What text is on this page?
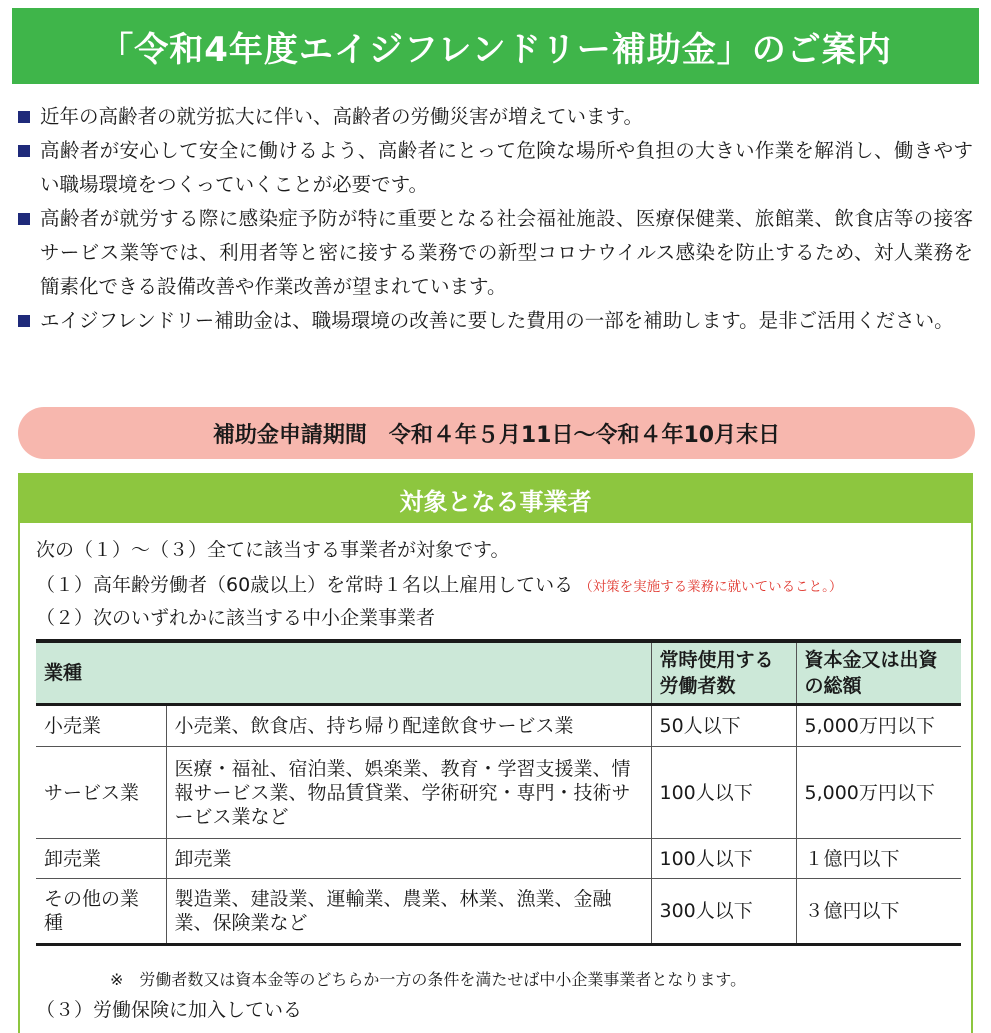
「令和4年度エイジフレンドリー補助金」のご案内
近年の高齢者の就労拡大に伴い、高齢者の労働災害が増えています。
高齢者が安心して安全に働けるよう、高齢者にとって危険な場所や負担の大きい作業を解消し、働きやすい職場環境をつくっていくことが必要です。
高齢者が就労する際に感染症予防が特に重要となる社会福祉施設、医療保健業、旅館業、飲食店等の接客サービス業等では、利用者等と密に接する業務での新型コロナウイルス感染を防止するため、対人業務を簡素化できる設備改善や作業改善が望まれています。
エイジフレンドリー補助金は、職場環境の改善に要した費用の一部を補助します。是非ご活用ください。
補助金申請期間　令和４年５月11日～令和４年10月末日
対象となる事業者
次の（１）～（３）全てに該当する事業者が対象です。
（１）高年齢労働者（60歳以上）を常時１名以上雇用している （対策を実施する業務に就いていること。）
（２）次のいずれかに該当する中小企業事業者
業種		常時使用する労働者数	資本金又は出資の総額
小売業	小売業、飲食店、持ち帰り配達飲食サービス業	50人以下	5,000万円以下
サービス業	医療・福祉、宿泊業、娯楽業、教育・学習支援業、情報サービス業、物品賃貸業、学術研究・専門・技術サービス業など	100人以下	5,000万円以下
卸売業	卸売業	100人以下	１億円以下
その他の業種	製造業、建設業、運輸業、農業、林業、漁業、金融業、保険業など	300人以下	３億円以下
※　労働者数又は資本金等のどちらか一方の条件を満たせば中小企業事業者となります。
（３）労働保険に加入している
